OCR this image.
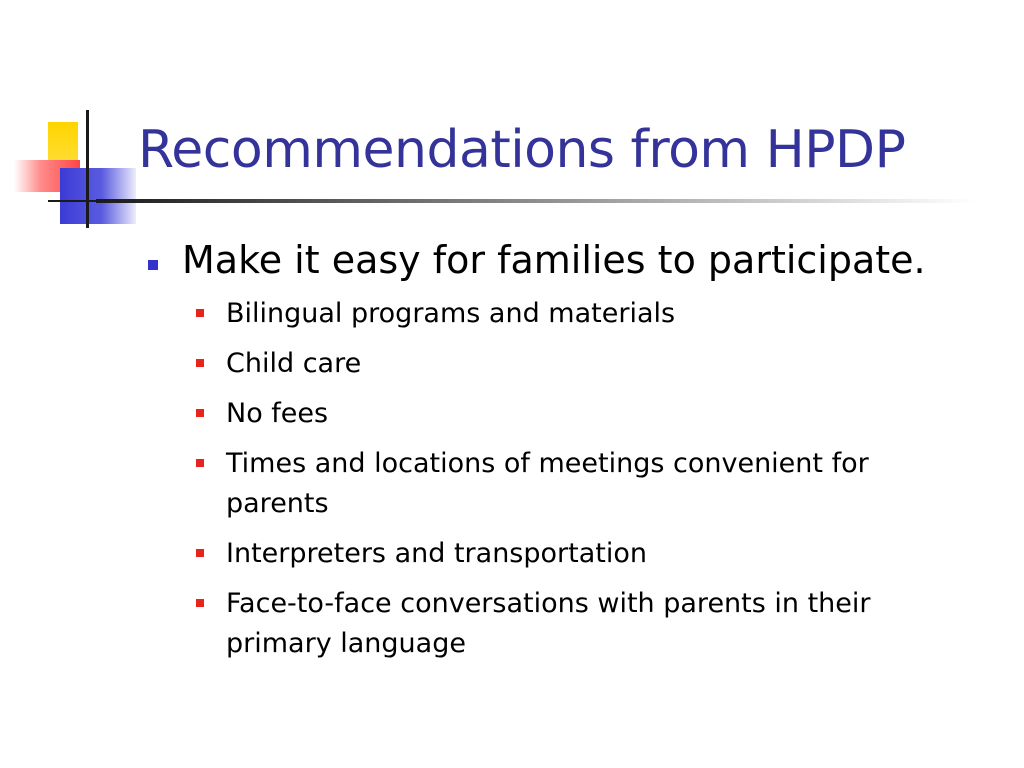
Recommendations from HPDP
Make it easy for families to participate.
Bilingual programs and materials
Child care
No fees
Times and locations of meetings convenient for parents
Interpreters and transportation
Face-to-face conversations with parents in their primary language
